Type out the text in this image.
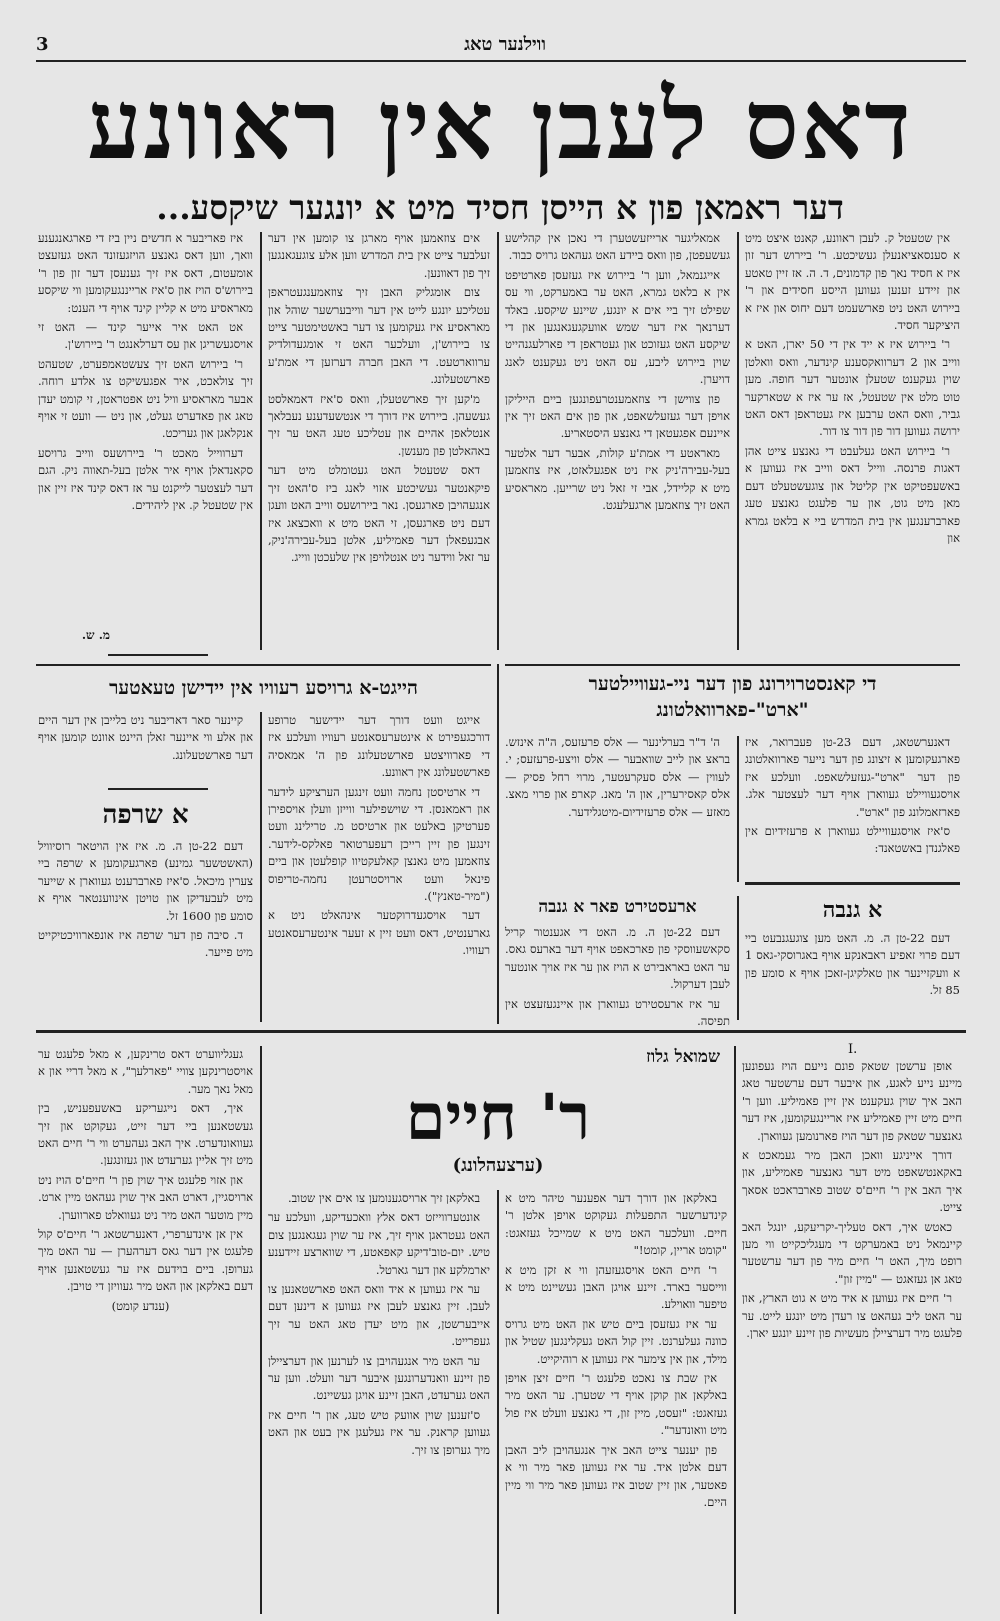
3	ווילנער טאג
דאס לעבן אין ראוונע
דער ראמאן פון א הייסן חסיד מיט א יונגער שיקסע...

אין שטעטל ק. לעבן ראוונע, קאנט איצט מיט א סענסאציאנעלן געשיכטע. ר' ביירוש דער זון איז א חסיד נאך פון קדמונים, ד. ה. אז זיין טאטע און זיידע זענען געווען הייסע חסידים און ר' ביירוש האט ניט פארשעמט דעם יחוס און איז א היציקער חסיד.

ר' ביירוש איז א ייד אין די 50 יארן, האט א ווייב און 2 דערוואקסענע קינדער, וואס וואלטן שוין געקענט שטעלן אונטער דער חופה. מען טוט מלט אין שטעטל, אז ער איז א שטארקער גביר, וואס האט ערבען איז געטראפן דאס האט ירושה געווען דור פון דור צו דור.

ר' ביירוש האט געלעבט די גאנצע צייט אהן דאגות פרנסה. ווייל דאס ווייב איז געווען א באשעפטיקט אין קליטל און צוגעשטעלט דעם מאן מיט גוט, און ער פלעגט גאנצע טעג פארברענגען אין בית המדרש ביי א בלאט גמרא און

אמאליגער ארייזעשטערן די נאכן אין קהלישע געשעפטן, פון וואס ביידע האט געהאט גרויס כבוד.

אייגנמאל, ווען ר' ביירוש איז געזעסן פארטיפט אין א בלאט גמרא, האט ער באמערקט, ווי עס שפילט זיך ביי אים א יונגע, שיינע שיקסע. באלד דערנאך איז דער שמש אוועקגעגאנגען און די שיקסע האט געזוכט און געטראפן די פארלעגנהייט שוין ביירוש ליבע, עס האט ניט געקענט לאנג דויערן.

פון צווישן די צוזאמענטרעפונגען ביים הייליקן אויפן דער געזעלשאפט, און פון אים האט זיך אין איינעם אפגעטאן די גאנצע היסטאריע.

מאראטע די אמת'ע קולות, אבער דער אלטער בעל-עבירה'ניק איז ניט אפגעלאזט, איז צוזאמען מיט א קליידל, אבי זי זאל ניט שרייען. מאראסיע האט זיך צוזאמען ארגעלעגט.

אים צוזאמען אויף מארגן צו קומען אין דער זעלבער צייט אין בית המדרש ווען אלע צוגעגאנגען זיך פון דאוונען.

צום אומגליק האבן זיך צוזאמענגעטראפן עטליכע יונגע לייט אין דער ווייבערשער שוהל און מאראסיע איז געקומען צו דער באשטימטער צייט צו ביירוש'ן, וועלכער האט זי אומגעדולדיק ערווארטעט. די האבן חברה דערזען די אמת'ע פארשטעלונג.

מ'קען זיך פארשטעלן, וואס ס'איז דאמאלסט געשעהן. ביירוש איז דורך די אנטשעדענע נעבלאך אנטלאפן אהיים און עטליכע טעג האט ער זיך באהאלטן פון מענשן.

דאס שטעטל האט געטומלט מיט דער פיקאנטער געשיכטע אזוי לאנג ביז ס'האט זיך אנגעהויבן פארגעסן. נאר ביירושעס ווייב האט וועגן דעם ניט פארגעסן, זי האט מיט א וואכצאג איז אבגעפאלן דער פאמיליע, אלטן בעל-עבירה'ניק, ער זאל ווידער ניט אנטלויפן אין שלעכטן ווייג.

איז פאריבער א חדשים ניין ביז די פארגאנגענע וואך, ווען דאס גאנצע הויזגעזונד האט געזעצט אומעטום, דאס איז זיך גענעסן דער זון פון ר' ביירוש'ס הויז און ס'איז ארייננגעקומען ווי שיקסע מאראסיע מיט א קליין קינד אויף די הענט:

אט האט איר אייער קינד — האט זי אויסגעשריגן און עס דערלאנגט ר' ביירוש'ן.

ר' ביירוש האט זיך צעשטאמפערט, שטעהט זיך צולאכט, איר אפגעשיקט צו אלדע רוחה. אבער מאראסיע וויל ניט אפטראטן, זי קומט יעדן טאג און פאדערט געלט, און ניט — וועט זי אויף אנקלאגן און געריכט.

דערווייל מאכט ר' ביירושעס ווייב גרויסע סקאנדאלן אויף איר אלטן בעל-תאווה ניק. הגם דער לעצטער לייקנט ער אז דאס קינד איז זיין און אין שטעטל ק. אין ליהידים.

מ. ש.
די קאנסטרוירונג פון דער ניי-געוויילטער
"ארט"-פארוואלטונג

דאנערשטאג, דעם 23-טן פעברואר, איז פארגעקומען א זיצונג פון דער נייער פארוואלטונג פון דער "ארט"-געזעלשאפט. וועלכע איז אויסגעוויילט געווארן אויף דער לעצטער אלג. פארזאמלונג פון "ארט".

ס'איז אויסגעוויילט געווארן א פרעזידיום אין פאלגנדן באשטאנד:

ה' ד"ר בערלינער — אלס פרעזעס, ה"ה אינזש. בראצ און לייב שוואבער — אלס וויצע-פרעזעס; י. לעווין — אלס סעקרעטער, מרוי רחל פסיק — אלס קאסירערין, און ה' מאנ. קארפ און פרוי מאצ. מאזע — אלס פרעזידיום-מיטגלידער.

הייגט-א גרויסע רעוויו אין יידישן טעאטער

אייגט וועט דורך דער יידישער טרופע דורכגעפירט א אינטערעסאנטע רעוויו וועלכע איז די פארוויצטע פארשטעלונג פון ה' אמאסיה פארשטעלונג אין ראוונע.

די ארטיסטן נחמה וועט זינגען הערציקע לידער און ראמאנסן. די שוישפילער ווייזן וועלן אויספירן פערטיקן באלעט און ארטיסט מ. טרילינג וועט זינגען פון זיין רייכן רעפערטואר פאלקס-לידער. צוזאמען מיט גאנצן קאלעקטיוו קופלעטן און ביים פינאל וועט ארויסטרעטן נחמה-טריפוס ("מיר-טאנץ").

דער אויסגעדרוקטער אינהאלט ניט א גארענטיט, דאס וועט זיין א זעער אינטערעסאנטע רעוויו.

קיינער סאר דאריבער ניט בלייבן אין דער היים און אלע ווי איינער זאלן היינט אוונט קומען אויף דער פארשטעלונג.

א שרפה

דעם 22-טן ה. מ. איז אין הויטאר רוסיוויל (האשטשער גמינע) פארגעקומען א שרפה ביי צערין מיכאל. ס'איז פארברענט געווארן א שייער מיט לעבעדיקן און טויטן אינווענטאר אויף א סומע פון 1600 זל.

ד. סיבה פון דער שרפה איז אונפארוויכטיקייט מיט פייער.

ארעסטירט פאר א גנבה

דעם 22-טן ה. מ. האט די אגענטור קריל סקאשעווסקי פון פארכאפט אויף דער בארעס גאס. ער האט באראבירט א הויז און ער איז אויך אונטער לעבן דערקול.

ער איז ארעסטירט געווארן און איינגעזעצט אין תפיסה.

א גנבה

דעם 22-טן ה. מ. האט מען צוגעגנבעט ביי דעם פרוי זאפיע ראבאנקע אויף באגרוסקי-גאס 1 א וועקזיינער און טאלקיגן-זאכן אויף א סומע פון 85 זל.

I.

אופן ערשטן שטאק פונם נייעם הויז געפונען מיינע נייע לאגע, און איבער דעם ערשטער טאג האב איך שוין געקענט אין זיין פאמיליע. ווען ר' חיים מיט זיין פאמיליע איז אריינגעקומען, איז דער גאנצער שטאק פון דער הויז פארנומען געווארן.

דורך אייניגע וואכן האבן מיר געמאכט א באקאנטשאפט מיט דער גאנצער פאמיליע, און איך האב אין ר' חיים'ס שטוב פארבראכט אסאך צייט.

כאטש איך, דאס טעליך-יקריעקע, יונגל האב קיינמאל ניט באמערקט די מעגליכקייט ווי מען רופט מיך, האט ר' חיים מיר פון דער ערשטער טאג אן געזאגט — "מיין זון".

ר' חיים איז געווען א איד מיט א גוט הארץ, און ער האט ליב געהאט צו רעדן מיט יונגע לייט. ער פלעגט מיר דערציילן מעשיות פון זיינע יונגע יארן.

שמואל גלוז
ר' חיים
(ערצעהלונג)

באלקאן און דורך דער אפענער טיהר מיט א קינדערשער התפעלות געקוקט אויפן אלטן ר' חיים. וועלכער האט מיט א שמייכל געזאגט: "קומט אריין, קומט!"

ר' חיים האט אויסגעזעהן ווי א זקן מיט א ווייסער בארד. זיינע אויגן האבן געשיינט מיט א טיפער וואוילע.

ער איז געזעסן ביים טיש און האט מיט גרויס כוונה געלערנט. זיין קול האט געקלינגען שטיל און מילד, און אין צימער איז געווען א רוהיקייט.

אין שבת צו נאכט פלעגט ר' חיים זיצן אויפן באלקאן און קוקן אויף די שטערן. ער האט מיר געזאגט: "זעסט, מיין זון, די גאנצע וועלט איז פול מיט וואונדער".

פון יענער צייט האב איך אנגעהויבן ליב האבן דעם אלטן איד. ער איז געווען פאר מיר ווי א פאטער, און זיין שטוב איז געווען פאר מיר ווי מיין היים.

באלקאן זיך ארויסגענומען צו אים אין שטוב.

אונטערווייזט דאס אלץ וואכעדיקע, וועלכע ער האט געטראגן אויף זיך, איז ער שוין געגאנגען צום טיש. יום-טוב'דיקע קאפאטע, די שווארצע זיידענע יארמלקע און דער גארטל.

ער איז געווען א איד וואס האט פארשטאנען צו לעבן. זיין גאנצע לעבן איז געווען א דינען דעם אייבערשטן, און מיט יעדן טאג האט ער זיך געפרייט.

ער האט מיר אנגעהויבן צו לערנען און דערציילן פון זיינע וואנדערונגען איבער דער וועלט. ווען ער האט גערעדט, האבן זיינע אויגן געשיינט.

ס'זענען שוין אוועק טיש טעג, און ר' חיים איז געווען קראנק. ער איז געלעגן אין בעט און האט מיך גערופן צו זיך.

געגליווערט דאס טרינקען, א מאל פלעגט ער אויסטרינקען צוויי "פארלעך", א מאל דריי און א מאל נאך מער.

איך, דאס נייגעריקע באשעפעניש, בין געשטאנען ביי דער זייט, געקוקט און זיך געוואונדערט. איך האב געהערט ווי ר' חיים האט מיט זיך אליין גערעדט און געזונגען.

און אזוי פלעגט איך שוין פון ר' חיים'ס הויז ניט ארויסגיין, דארט האב איך שוין געהאט מיין ארט. מיין מוטער האט מיר ניט געוואלט פארווערן.

אין אן אינדערפרי, דאנערשטאג ר' חיים'ס קול פלעגט אין דער גאס דערהערן — ער האט מיך גערופן. ביים בוידעם איז ער געשטאנען אויף דעם באלקאן און האט מיר געוויזן די טויבן.

(ענדע קומט)
